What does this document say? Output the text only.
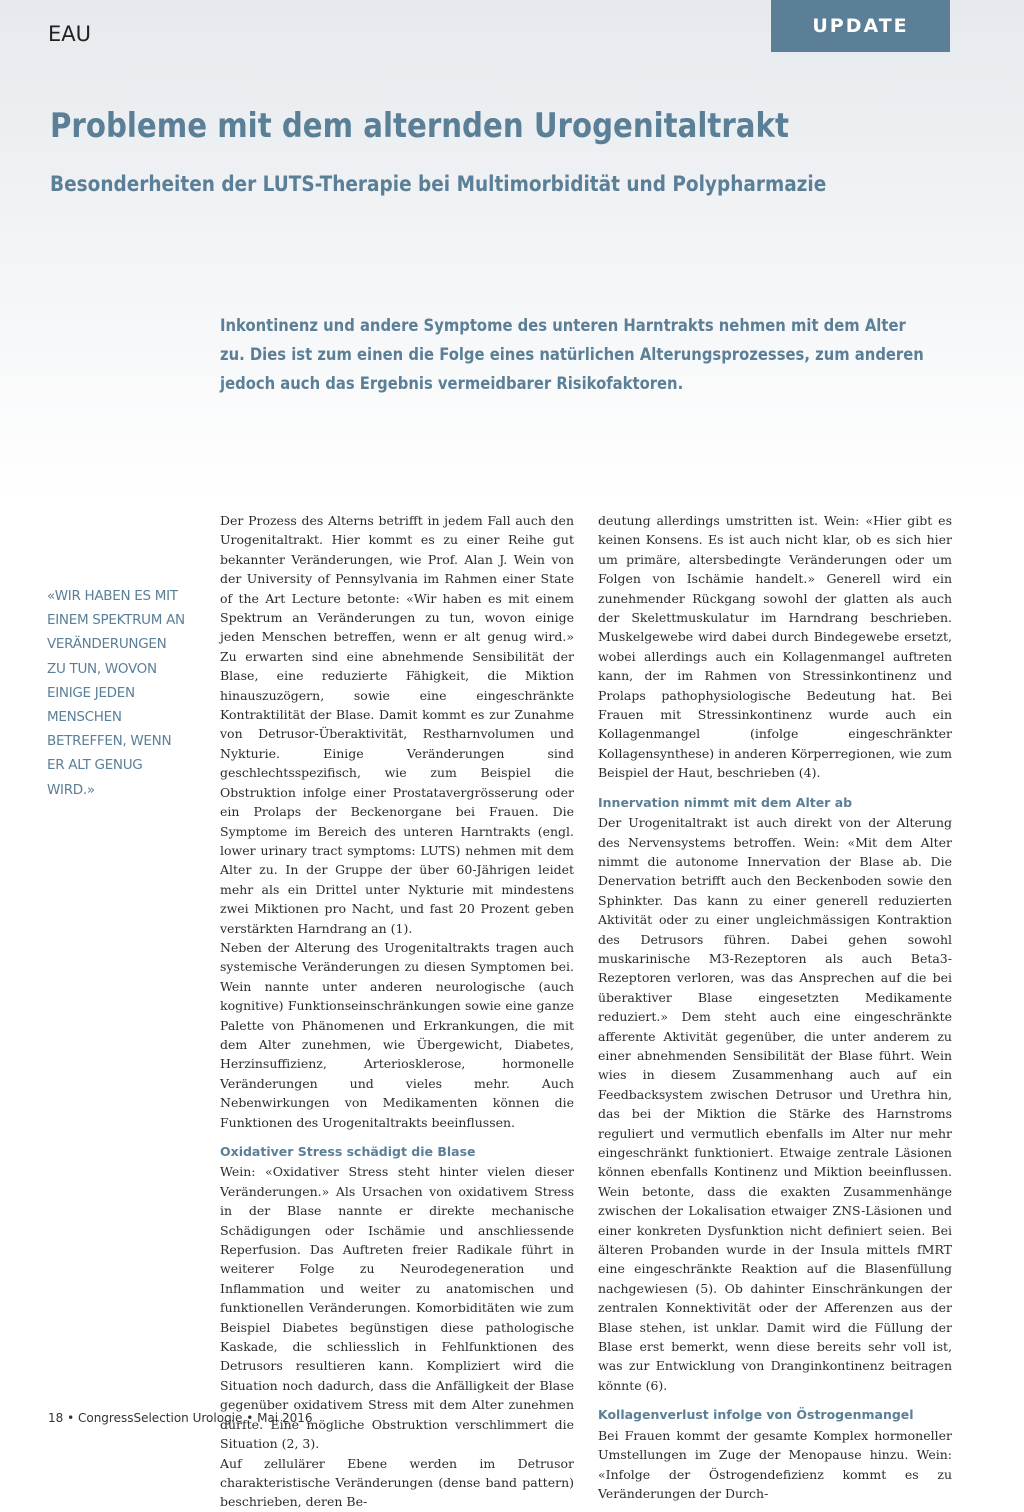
EAU	UPDATE
Probleme mit dem alternden Urogenitaltrakt
Besonderheiten der LUTS-Therapie bei Multimorbidität und Polypharmazie
Inkontinenz und andere Symptome des unteren Harntrakts nehmen mit dem Alter zu. Dies ist zum einen die Folge eines natürlichen Alterungsprozesses, zum anderen jedoch auch das Ergebnis vermeidbarer Risikofaktoren.
«WIR HABEN ES MIT EINEM SPEKTRUM AN VERÄNDERUNGEN ZU TUN, WOVON EINIGE JEDEN MENSCHEN BETREFFEN, WENN ER ALT GENUG WIRD.»

Der Prozess des Alterns betrifft in jedem Fall auch den Urogenitaltrakt. Hier kommt es zu einer Reihe gut bekannter Veränderungen, wie Prof. Alan J. Wein von der University of Pennsylvania im Rahmen einer State of the Art Lecture betonte: «Wir haben es mit einem Spektrum an Veränderungen zu tun, wovon einige jeden Menschen betreffen, wenn er alt genug wird.» Zu erwarten sind eine abnehmende Sensibilität der Blase, eine reduzierte Fähigkeit, die Miktion hinauszuzögern, sowie eine eingeschränkte Kontraktilität der Blase. Damit kommt es zur Zunahme von Detrusor-Überaktivität, Restharnvolumen und Nykturie. Einige Veränderungen sind geschlechtsspezifisch, wie zum Beispiel die Obstruktion infolge einer Prostatavergrösserung oder ein Prolaps der Beckenorgane bei Frauen. Die Symptome im Bereich des unteren Harntrakts (engl. lower urinary tract symptoms: LUTS) nehmen mit dem Alter zu. In der Gruppe der über 60-Jährigen leidet mehr als ein Drittel unter Nykturie mit mindestens zwei Miktionen pro Nacht, und fast 20 Prozent geben verstärkten Harndrang an (1).

Neben der Alterung des Urogenitaltrakts tragen auch systemische Veränderungen zu diesen Symptomen bei. Wein nannte unter anderen neurologische (auch kognitive) Funktionseinschränkungen sowie eine ganze Palette von Phänomenen und Erkrankungen, die mit dem Alter zunehmen, wie Übergewicht, Diabetes, Herzinsuffizienz, Arteriosklerose, hormonelle Veränderungen und vieles mehr. Auch Nebenwirkungen von Medikamenten können die Funktionen des Urogenitaltrakts beeinflussen.

Oxidativer Stress schädigt die Blase

Wein: «Oxidativer Stress steht hinter vielen dieser Veränderungen.» Als Ursachen von oxidativem Stress in der Blase nannte er direkte mechanische Schädigungen oder Ischämie und anschliessende Reperfusion. Das Auftreten freier Radikale führt in weiterer Folge zu Neurodegeneration und Inflammation und weiter zu anatomischen und funktionellen Veränderungen. Komorbiditäten wie zum Beispiel Diabetes begünstigen diese pathologische Kaskade, die schliesslich in Fehlfunktionen des Detrusors resultieren kann. Kompliziert wird die Situation noch dadurch, dass die Anfälligkeit der Blase gegenüber oxidativem Stress mit dem Alter zunehmen dürfte. Eine mögliche Obstruktion verschlimmert die Situation (2, 3).

Auf zellulärer Ebene werden im Detrusor charakteristische Veränderungen (dense band pattern) beschrieben, deren Be-

deutung allerdings umstritten ist. Wein: «Hier gibt es keinen Konsens. Es ist auch nicht klar, ob es sich hier um primäre, altersbedingte Veränderungen oder um Folgen von Ischämie handelt.» Generell wird ein zunehmender Rückgang sowohl der glatten als auch der Skelettmuskulatur im Harndrang beschrieben. Muskelgewebe wird dabei durch Bindegewebe ersetzt, wobei allerdings auch ein Kollagenmangel auftreten kann, der im Rahmen von Stressinkontinenz und Prolaps pathophysiologische Bedeutung hat. Bei Frauen mit Stressinkontinenz wurde auch ein Kollagenmangel (infolge eingeschränkter Kollagensynthese) in anderen Körperregionen, wie zum Beispiel der Haut, beschrieben (4).

Innervation nimmt mit dem Alter ab

Der Urogenitaltrakt ist auch direkt von der Alterung des Nervensystems betroffen. Wein: «Mit dem Alter nimmt die autonome Innervation der Blase ab. Die Denervation betrifft auch den Beckenboden sowie den Sphinkter. Das kann zu einer generell reduzierten Aktivität oder zu einer ungleichmässigen Kontraktion des Detrusors führen. Dabei gehen sowohl muskarinische M3-Rezeptoren als auch Beta3-Rezeptoren verloren, was das Ansprechen auf die bei überaktiver Blase eingesetzten Medikamente reduziert.» Dem steht auch eine eingeschränkte afferente Aktivität gegenüber, die unter anderem zu einer abnehmenden Sensibilität der Blase führt. Wein wies in diesem Zusammenhang auch auf ein Feedbacksystem zwischen Detrusor und Urethra hin, das bei der Miktion die Stärke des Harnstroms reguliert und vermutlich ebenfalls im Alter nur mehr eingeschränkt funktioniert. Etwaige zentrale Läsionen können ebenfalls Kontinenz und Miktion beeinflussen. Wein betonte, dass die exakten Zusammenhänge zwischen der Lokalisation etwaiger ZNS-Läsionen und einer konkreten Dysfunktion nicht definiert seien. Bei älteren Probanden wurde in der Insula mittels fMRT eine eingeschränkte Reaktion auf die Blasenfüllung nachgewiesen (5). Ob dahinter Einschränkungen der zentralen Konnektivität oder der Afferenzen aus der Blase stehen, ist unklar. Damit wird die Füllung der Blase erst bemerkt, wenn diese bereits sehr voll ist, was zur Entwicklung von Dranginkontinenz beitragen könnte (6).

Kollagenverlust infolge von Östrogenmangel

Bei Frauen kommt der gesamte Komplex hormoneller Umstellungen im Zuge der Menopause hinzu. Wein: «Infolge der Östrogendefizienz kommt es zu Veränderungen der Durch-

18 • CongressSelection Urologie • Mai 2016
